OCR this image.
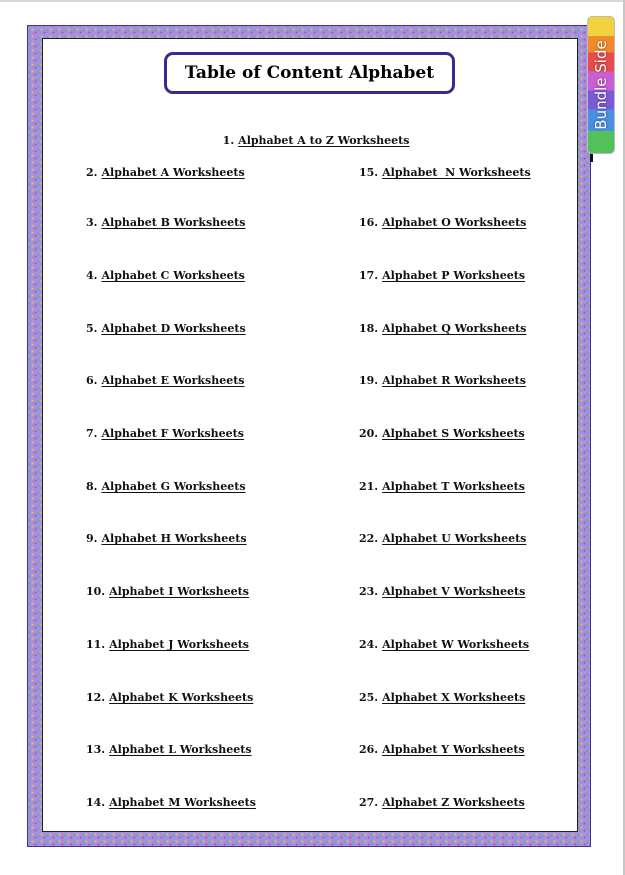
Table of Content Alphabet

1. Alphabet A to Z Worksheets

2. Alphabet A Worksheets
3. Alphabet B Worksheets
4. Alphabet C Worksheets
5. Alphabet D Worksheets
6. Alphabet E Worksheets
7. Alphabet F Worksheets
8. Alphabet G Worksheets
9. Alphabet H Worksheets
10. Alphabet I Worksheets
11. Alphabet J Worksheets
12. Alphabet K Worksheets
13. Alphabet L Worksheets
14. Alphabet M Worksheets
15. Alphabet  N Worksheets
16. Alphabet O Worksheets
17. Alphabet P Worksheets
18. Alphabet Q Worksheets
19. Alphabet R Worksheets
20. Alphabet S Worksheets
21. Alphabet T Worksheets
22. Alphabet U Worksheets
23. Alphabet V Worksheets
24. Alphabet W Worksheets
25. Alphabet X Worksheets
26. Alphabet Y Worksheets
27. Alphabet Z Worksheets
Bundle Side
